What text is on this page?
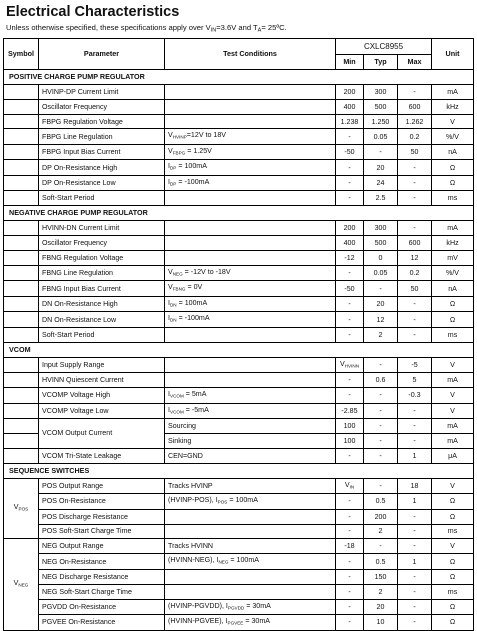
Electrical Characteristics
Unless otherwise specified, these specifications apply over $V_{IN}=3.6V$ and $T_A=$ 25ºC.
Symbol	Parameter	Test Conditions	CXLC8955			Unit
			Min	Typ	Max	
POSITIVE CHARGE PUMP REGULATOR						
	HVINP-DP Current Limit		200	300	-	mA
	Oscillator Frequency		400	500	600	kHz
	FBPG Regulation Voltage		1.238	1.250	1.262	V
	FBPG Line Regulation	$V_{HVINP}=12V$ to 18V	-	0.05	0.2	%/V
	FBPG Input Bias Current	$V_{FBPG} = 1.25V$	-50	-	50	nA
	DP On-Resistance High	$I_{DP} = 100mA$	-	20	-	Ω
	DP On-Resistance Low	$I_{DP} = -100mA$	-	24	-	Ω
	Soft-Start Period		-	2.5	-	ms
NEGATIVE CHARGE PUMP REGULATOR						
	HVINN-DN Current Limit		200	300	-	mA
	Oscillator Frequency		400	500	600	kHz
	FBNG Regulation Voltage		-12	0	12	mV
	FBNG Line Regulation	$V_{NEG} = -12V$ to -18V	-	0.05	0.2	%/V
	FBNG Input Bias Current	$V_{FBNG} = 0V$	-50	-	50	nA
	DN On-Resistance High	$I_{DN} = 100mA$	-	20	-	Ω
	DN On-Resistance Low	$I_{DN} = -100mA$	-	12	-	Ω
	Soft-Start Period		-	2	-	ms
VCOM						
	Input Supply Range		$V_{HVINN}$	-	-5	V
	HVINN Quiescent Current		-	0.6	5	mA
	VCOMP Voltage High	$I_{VCOM} = 5mA$	-	-	-0.3	V
	VCOMP Voltage Low	$I_{VCOM} = -5mA$	-2.85	-	-	V
	VCOM Output Current	Sourcing	100	-	-	mA
		Sinking	100	-	-	mA
	VCOM Tri-State Leakage	CEN=GND	-	-	1	μA
SEQUENCE SWITCHES						
$V_{POS}$	POS Output Range	Tracks HVINP	$V_{IN}$	-	18	V
	POS On-Resistance	(HVINP-POS), $I_{POS} = 100mA$	-	0.5	1	Ω
	POS Discharge Resistance		-	200	-	Ω
	POS Soft-Start Charge Time		-	2	-	ms
$V_{NEG}$	NEG Output Range	Tracks HVINN	-18	-	-	V
	NEG On-Resistance	(HVINN-NEG), $I_{NEG} = 100mA$	-	0.5	1	Ω
	NEG Discharge Resistance		-	150	-	Ω
	NEG Soft-Start Charge Time		-	2	-	ms
	PGVDD On-Resistance	(HVINP-PGVDD), $I_{PGVDD} = 30mA$	-	20	-	Ω
	PGVEE On-Resistance	(HVINN-PGVEE), $I_{PGVEE} = 30mA$	-	10	-	Ω
